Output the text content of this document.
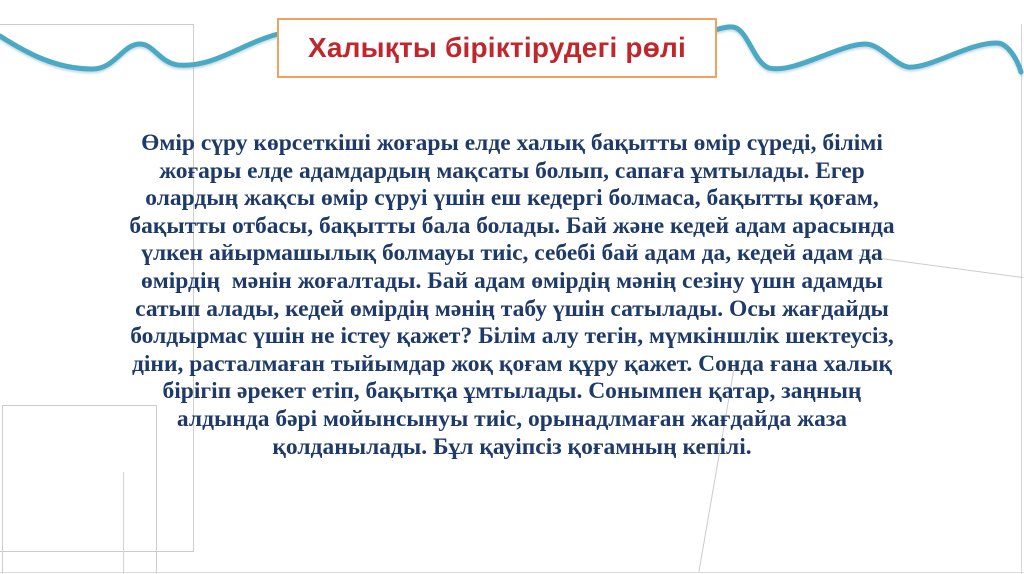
Халықты біріктірудегі рөлі
Өмір сүру көрсеткіші жоғары елде халық бақытты өмір сүреді, білімі
жоғары елде адамдардың мақсаты болып, сапаға ұмтылады. Егер
олардың жақсы өмір сүруі үшін еш кедергі болмаса, бақытты қоғам,
бақытты отбасы, бақытты бала болады. Бай және кедей адам арасында
үлкен айырмашылық болмауы тиіс, себебі бай адам да, кедей адам да
өмірдің  мәнін жоғалтады. Бай адам өмірдің мәнің сезіну үшн адамды
сатып алады, кедей өмірдің мәнің табу үшін сатылады. Осы жағдайды
болдырмас үшін не істеу қажет? Білім алу тегін, мүмкіншлік шектеусіз,
діни, расталмаған тыйымдар жоқ қоғам құру қажет. Сонда ғана халық
бірігіп әрекет етіп, бақытқа ұмтылады. Сонымпен қатар, заңның
алдында бәрі мойынсынуы тиіс, орынадлмаған жағдайда жаза
қолданылады. Бұл қауіпсіз қоғамның кепілі.
